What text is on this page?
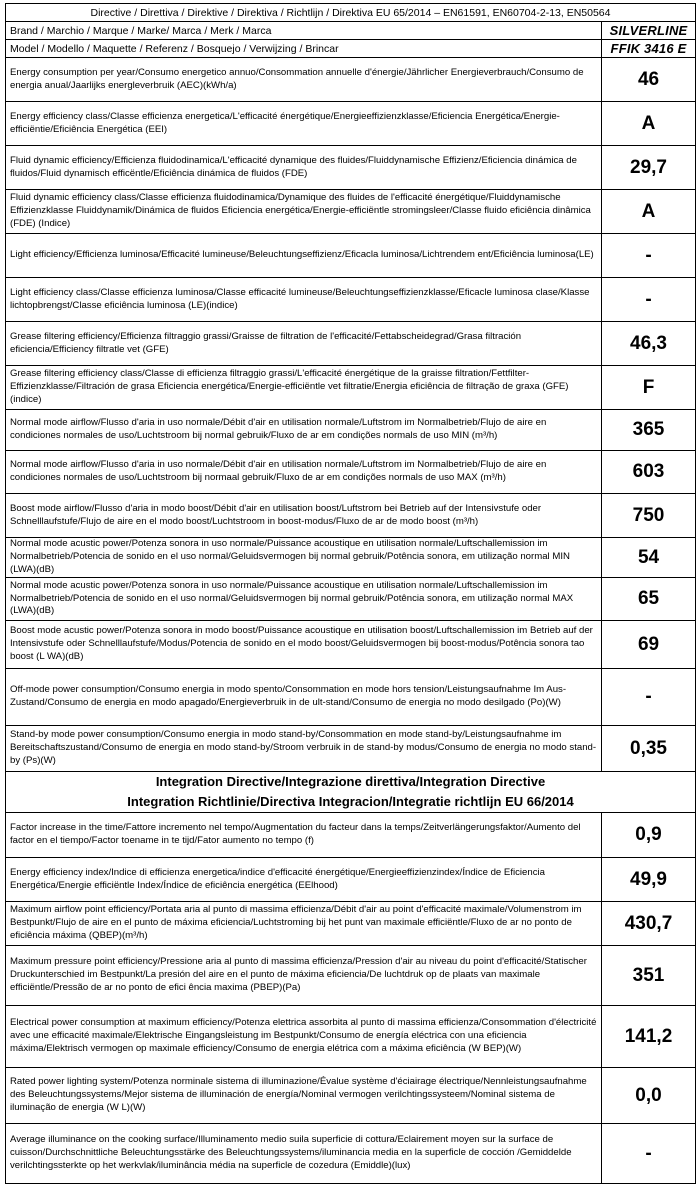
Directive / Direttiva / Direktive / Direktiva / Richtlijn / Direktiva EU 65/2014 – EN61591, EN60704-2-13, EN50564	
Brand / Marchio / Marque / Marke/ Marca / Merk / Marca	SILVERLINE
Model / Modello / Maquette / Referenz / Bosquejo / Verwijzing / Brincar	FFIK 3416 E
Energy consumption per year/Consumo energetico annuo/Consommation annuelle d'énergie/Jährlicher Energieverbrauch/Consumo de energia anual/Jaarlijks energleverbruik (AEC)(kWh/a)	46
Energy efficiency class/Classe efficienza energetica/L'efficacité énergétique/Energieeffizienzklasse/Eficiencia Energética/Energie-efficiëntie/Eficiência Energética (EEI)	A
Fluid dynamic efficiency/Efficienza fluidodinamica/L'efficacité dynamique des fluides/Fluiddynamische Effizienz/Eficiencia dinámica de fluidos/Fluid dynamisch efficëntle/Eficiência dinámica de fluidos (FDE)	29,7
Fluid dynamic efficiency class/Classe efficienza fluidodinamica/Dynamique des fluides de l'efficacité énergétique/Fluiddynamische Effizienzklasse Fluiddynamik/Dinámica de fluidos Eficiencia energética/Energie-efficiëntle stromingsleer/Classe fluido eficiência dinâmica (FDE) (Indice)	A
Light efficiency/Efficienza luminosa/Efficacité lumineuse/Beleuchtungseffizienz/Eficacla luminosa/Lichtrendem ent/Eficiência luminosa(LE)	-
Light efficiency class/Classe efficienza luminosa/Classe efficacité lumineuse/Beleuchtungseffizienzklasse/Eficacle luminosa clase/Klasse lichtopbrengst/Classe eficiência luminosa (LE)(indice)	-
Grease filtering efficiency/Efficienza filtraggio grassi/Graisse de filtration de l'efficacité/Fettabscheidegrad/Grasa filtración eficiencia/Efficiency filtratle vet (GFE)	46,3
Grease filtering efficiency class/Classe di efficienza filtraggio grassi/L'efficacité énergétique de la graisse filtration/Fettfilter-Effizienzklasse/Filtración de grasa Eficiencia energética/Energie-efficiëntle vet filtratie/Energia eficiência de filtração de graxa (GFE)(indice)	F
Normal mode airflow/Flusso d'aria in uso normale/Débit d'air en utilisation normale/Luftstrom im Normalbetrieb/Flujo de aire en condiciones normales de uso/Luchtstroom bij normal gebruik/Fluxo de ar em condições normals de uso MIN (m³/h)	365
Normal mode airflow/Flusso d'aria in uso normale/Débit d'air en utilisation normale/Luftstrom im Normalbetrieb/Flujo de aire en condiciones normales de uso/Luchtstroom bij normaal gebruik/Fluxo de ar em condições normals de uso MAX (m³/h)	603
Boost mode airflow/Flusso d'aria in modo boost/Débit d'air en utilisation boost/Luftstrom bei Betrieb auf der Intensivstufe oder Schnelllaufstufe/Flujo de aire en el modo boost/Luchtstroom in boost-modus/Fluxo de ar de modo boost (m³/h)	750
Normal mode acustic power/Potenza sonora in uso normale/Puissance acoustique en utilisation normale/Luftschallemission im Normalbetrieb/Potencia de sonido en el uso normal/Geluidsvermogen bij normal gebruik/Potência sonora, em utilização normal MIN (LWA)(dB)	54
Normal mode acustic power/Potenza sonora in uso normale/Puissance acoustique en utilisation normale/Luftschallemission im Normalbetrieb/Potencia de sonido en el uso normal/Geluidsvermogen bij normal gebruik/Potência sonora, em utilização normal MAX (LWA)(dB)	65
Boost mode acustic power/Potenza sonora in modo boost/Puissance acoustique en utilisation boost/Luftschallemission im Betrieb auf der Intensivstufe oder Schnelllaufstufe/Modus/Potencia de sonido en el modo boost/Geluidsvermogen bij boost-modus/Potência sonora tao boost (L WA)(dB)	69
Off-mode power consumption/Consumo energia in modo spento/Consommation en mode hors tension/Leistungsaufnahme Im Aus-Zustand/Consumo de energia en modo apagado/Energieverbruik in de ult-stand/Consumo de energia no modo desilgado (Po)(W)	-
Stand-by mode power consumption/Consumo energia in modo stand-by/Consommation en mode stand-by/Leistungsaufnahme im Bereitschaftszustand/Consumo de energia en modo stand-by/Stroom verbruik in de stand-by modus/Consumo de energia no modo stand-by (Ps)(W)	0,35

Integration Directive/Integrazione direttiva/Integration Directive
Integration Richtlinie/Directiva Integracion/Integratie richtlijn EU 66/2014	

Factor increase in the time/Fattore incremento nel tempo/Augmentation du facteur dans la temps/Zeitverlängerungsfaktor/Aumento del factor en el tiempo/Factor toename in te tijd/Fator aumento no tempo (f)	0,9
Energy efficiency index/Indice di efficienza energetica/indice d'efficacité énergétique/Energieeffizienzindex/Índice de Eficiencia Energética/Energie efficiëntle Index/Índice de eficiência energética (EElhood)	49,9
Maximum airflow point efficiency/Portata aria al punto di massima efficienza/Débit d'air au point d'efficacité maximale/Volumenstrom im Bestpunkt/Flujo de aire en el punto de máxima eficiencia/Luchtstroming bij het punt van maximale efficiëntle/Fluxo de ar no ponto de eficiência máxima (QBEP)(m³/h)	430,7
Maximum pressure point efficiency/Pressione aria al punto di massima efficienza/Pression d'air au niveau du point d'efficacité/Statischer Druckunterschied im Bestpunkt/La presión del aire en el punto de máxima eficiencia/De luchtdruk op de plaats van maximale efficiëntle/Pressão de ar no ponto de efici ência maxima (PBEP)(Pa)	351
Electrical power consumption at maximum efficiency/Potenza elettrica assorbita al punto di massima efficienza/Consommation d'électricité avec une efficacité maximale/Elektrische Eingangsleistung im Bestpunkt/Consumo de energía eléctrica con una eficiencia máxima/Elektrisch vermogen op maximale efficiency/Consumo de energia elétrica com a máxima eficiência (W BEP)(W)	141,2
Rated power lighting system/Potenza norminale sistema di illuminazione/Évalue système d'éciairage électrique/Nennleistungsaufnahme des Beleuchtungssystems/Mejor sistema de illuminación de energía/Nominal vermogen verilchtingssysteem/Nominal sistema de iluminação de energia (W L)(W)	0,0
Average illuminance on the cooking surface/Illuminamento medio suila superficie di cottura/Eclairement moyen sur la surface de cuisson/Durchschnittliche Beleuchtungsstärke des Beleuchtungssystems/iluminancia media en la superficle de cocción /Gemiddelde verilchtingssterkte op het werkvlak/iluminância média na superficle de cozedura (Emiddle)(lux)	-
